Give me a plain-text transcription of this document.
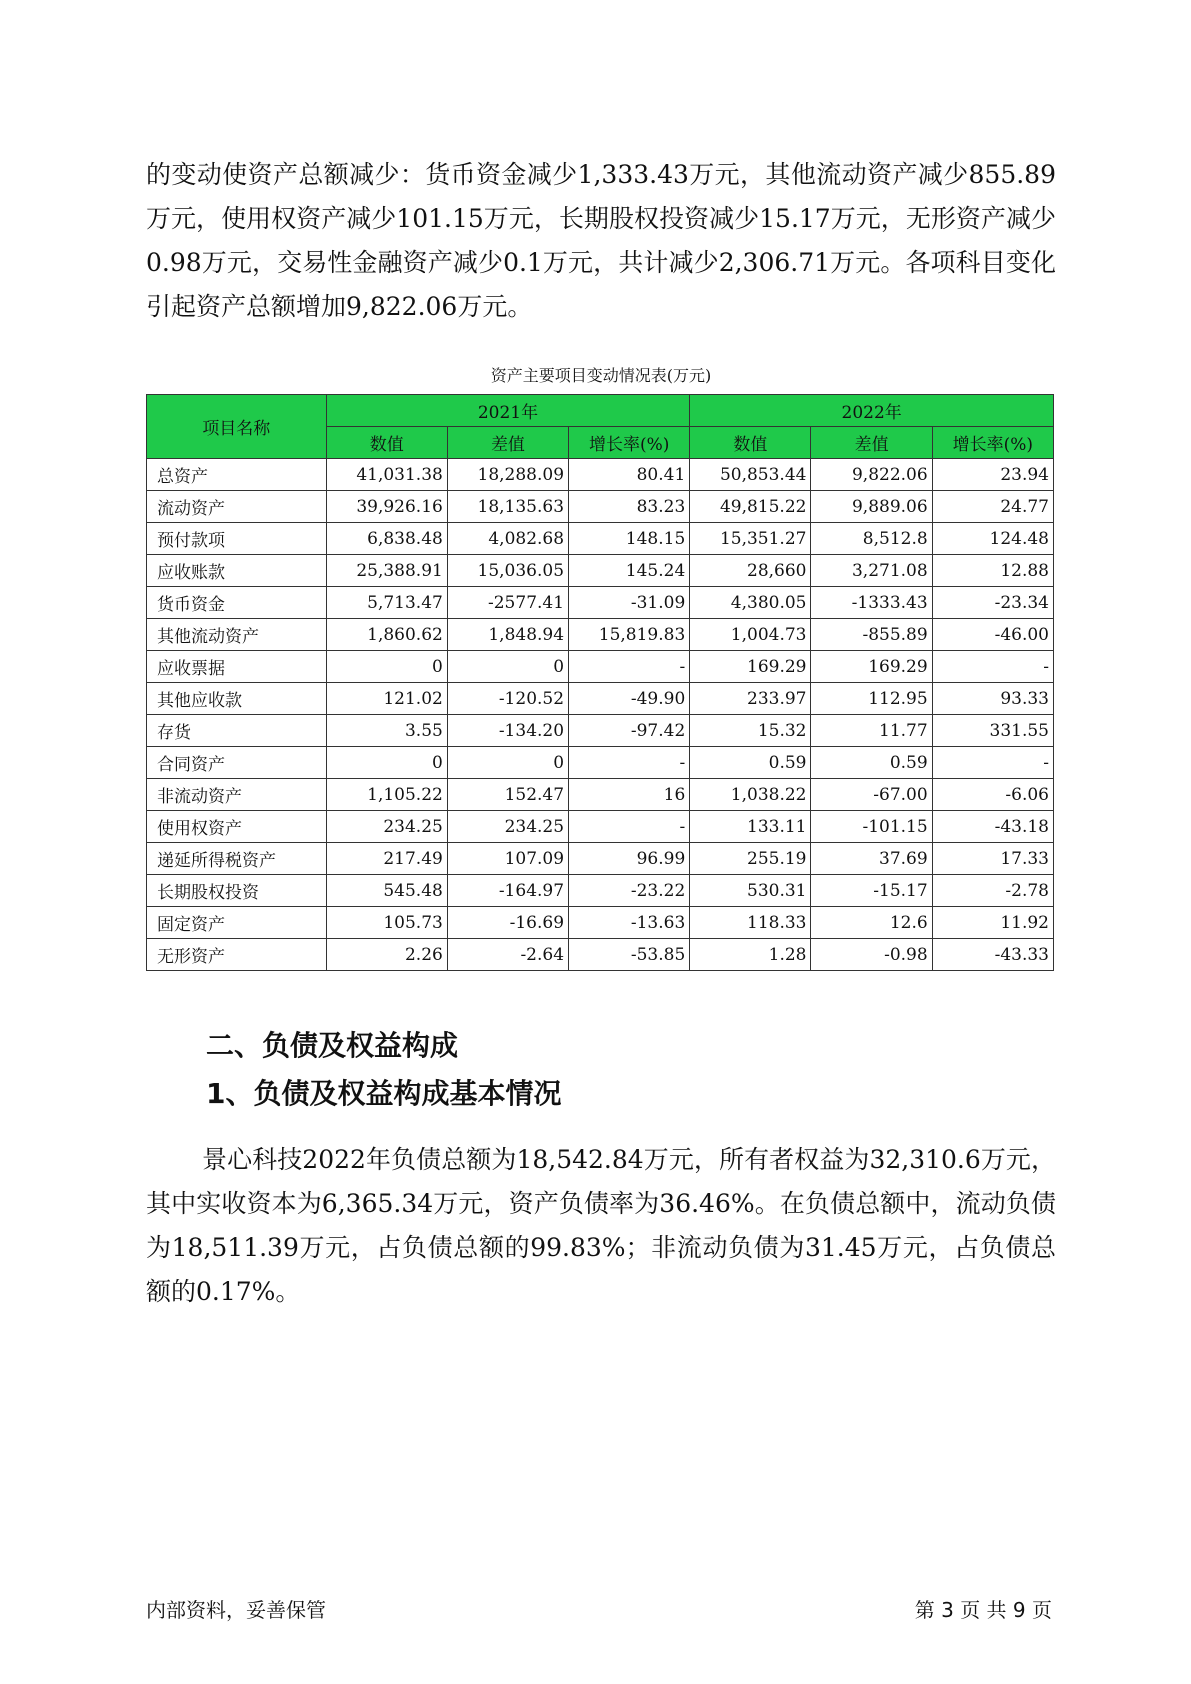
的变动使资产总额减少：货币资金减少1,333.43万元，其他流动资产减少855.89万元，使用权资产减少101.15万元，长期股权投资减少15.17万元，无形资产减少0.98万元，交易性金融资产减少0.1万元，共计减少2,306.71万元。各项科目变化引起资产总额增加9,822.06万元。

资产主要项目变动情况表(万元)
项目名称	2021年			2022年		
	数值	差值	增长率(%)	数值	差值	增长率(%)
总资产	41,031.38	18,288.09	80.41	50,853.44	9,822.06	23.94
流动资产	39,926.16	18,135.63	83.23	49,815.22	9,889.06	24.77
预付款项	6,838.48	4,082.68	148.15	15,351.27	8,512.8	124.48
应收账款	25,388.91	15,036.05	145.24	28,660	3,271.08	12.88
货币资金	5,713.47	-2577.41	-31.09	4,380.05	-1333.43	-23.34
其他流动资产	1,860.62	1,848.94	15,819.83	1,004.73	-855.89	-46.00
应收票据	0	0	-	169.29	169.29	-
其他应收款	121.02	-120.52	-49.90	233.97	112.95	93.33
存货	3.55	-134.20	-97.42	15.32	11.77	331.55
合同资产	0	0	-	0.59	0.59	-
非流动资产	1,105.22	152.47	16	1,038.22	-67.00	-6.06
使用权资产	234.25	234.25	-	133.11	-101.15	-43.18
递延所得税资产	217.49	107.09	96.99	255.19	37.69	17.33
长期股权投资	545.48	-164.97	-23.22	530.31	-15.17	-2.78
固定资产	105.73	-16.69	-13.63	118.33	12.6	11.92
无形资产	2.26	-2.64	-53.85	1.28	-0.98	-43.33
二、负债及权益构成
1、负债及权益构成基本情况

景心科技2022年负债总额为18,542.84万元，所有者权益为32,310.6万元，其中实收资本为6,365.34万元，资产负债率为36.46%。在负债总额中，流动负债为18,511.39万元，占负债总额的99.83%；非流动负债为31.45万元，占负债总额的0.17%。

内部资料，妥善保管	第 3 页 共 9 页
